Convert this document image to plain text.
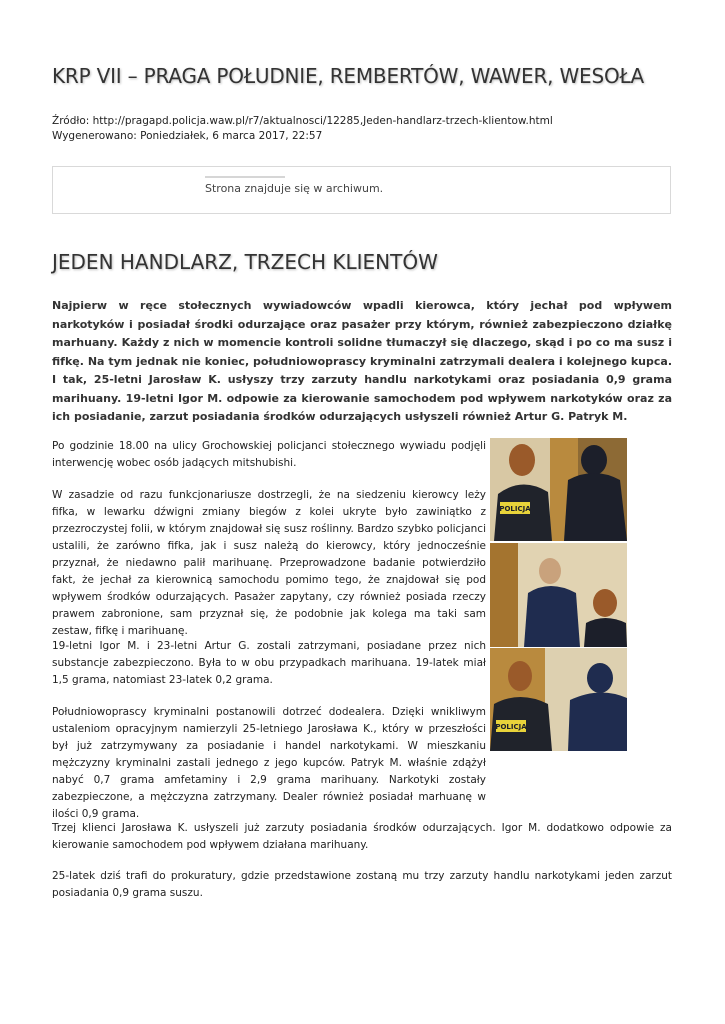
KRP VII – PRAGA POŁUDNIE, REMBERTÓW, WAWER, WESOŁA
Źródło: http://pragapd.policja.waw.pl/r7/aktualnosci/12285,Jeden-handlarz-trzech-klientow.html
Wygenerowano: Poniedziałek, 6 marca 2017, 22:57
Strona znajduje się w archiwum.
JEDEN HANDLARZ, TRZECH KLIENTÓW

Najpierw w ręce stołecznych wywiadowców wpadli kierowca, który jechał pod wpływem narkotyków i posiadał środki odurzające oraz pasażer przy którym, również zabezpieczono działkę marhuany. Każdy z nich w momencie kontroli solidne tłumaczył się dlaczego, skąd i po co ma susz i fifkę. Na tym jednak nie koniec, południowoprascy kryminalni zatrzymali dealera i kolejnego kupca. I tak, 25-letni Jarosław K. usłyszy trzy zarzuty handlu narkotykami oraz posiadania 0,9 grama marihuany. 19-letni Igor M. odpowie za kierowanie samochodem pod wpływem narkotyków oraz za ich posiadanie, zarzut posiadania środków odurzających usłyszeli również Artur G. Patryk M.

Po godzinie 18.00 na ulicy Grochowskiej policjanci stołecznego wywiadu podjęli interwencję wobec osób jadących mitshubishi.

W zasadzie od razu funkcjonariusze dostrzegli, że na siedzeniu kierowcy leży fifka, w lewarku dźwigni zmiany biegów z kolei ukryte było zawiniątko z przezroczystej folii, w którym znajdował się susz roślinny. Bardzo szybko policjanci ustalili, że zarówno fifka, jak i susz należą do kierowcy, który jednocześnie przyznał, że niedawno palił marihuanę. Przeprowadzone badanie potwierdziło fakt, że jechał za kierownicą samochodu pomimo tego, że znajdował się pod wpływem środków odurzających. Pasażer zapytany, czy również posiada rzeczy prawem zabronione, sam przyznał się, że podobnie jak kolega ma taki sam zestaw, fifkę i marihuanę.

19-letni Igor M. i 23-letni Artur G. zostali zatrzymani, posiadane przez nich substancje zabezpieczono. Była to w obu przypadkach marihuana. 19-latek miał 1,5 grama, natomiast 23-latek 0,2 grama.

Południowoprascy kryminalni postanowili dotrzeć dodealera. Dzięki wnikliwym ustaleniom opracyjnym namierzyli 25-letniego Jarosława K., który w przeszłości był już zatrzymywany za posiadanie i handel narkotykami. W mieszkaniu mężczyzny kryminalni zastali jednego z jego kupców. Patryk M. właśnie zdążył nabyć 0,7 grama amfetaminy i 2,9 grama marihuany. Narkotyki zostały zabezpieczone, a mężczyzna zatrzymany. Dealer również posiadał marhuanę w ilości 0,9 grama.

Trzej klienci Jarosława K. usłyszeli już zarzuty posiadania środków odurzających. Igor M. dodatkowo odpowie za kierowanie samochodem pod wpływem działana marihuany.

25-latek dziś trafi do prokuratury, gdzie przedstawione zostaną mu trzy zarzuty handlu narkotykami jeden zarzut posiadania 0,9 grama suszu.

POLICJA
POLICJA
